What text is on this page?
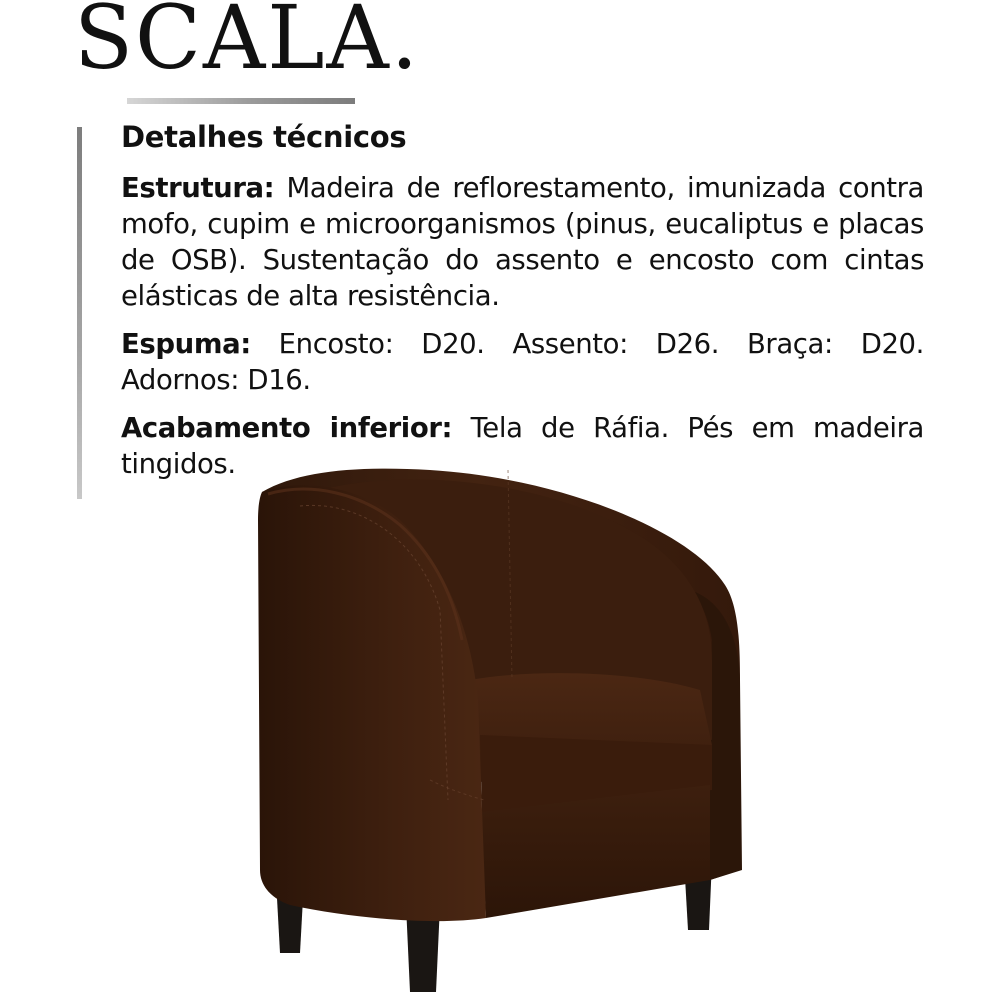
SCALA.
Detalhes técnicos

Estrutura: Madeira de reflorestamento, imunizada contra mofo, cupim e microorganismos (pinus, eucaliptus e placas de OSB). Sustentação do assento e encosto com cintas elásticas de alta resistência.

Espuma: Encosto: D20. Assento: D26. Braça: D20. Adornos: D16.

Acabamento inferior: Tela de Ráfia. Pés em madeira tingidos.
